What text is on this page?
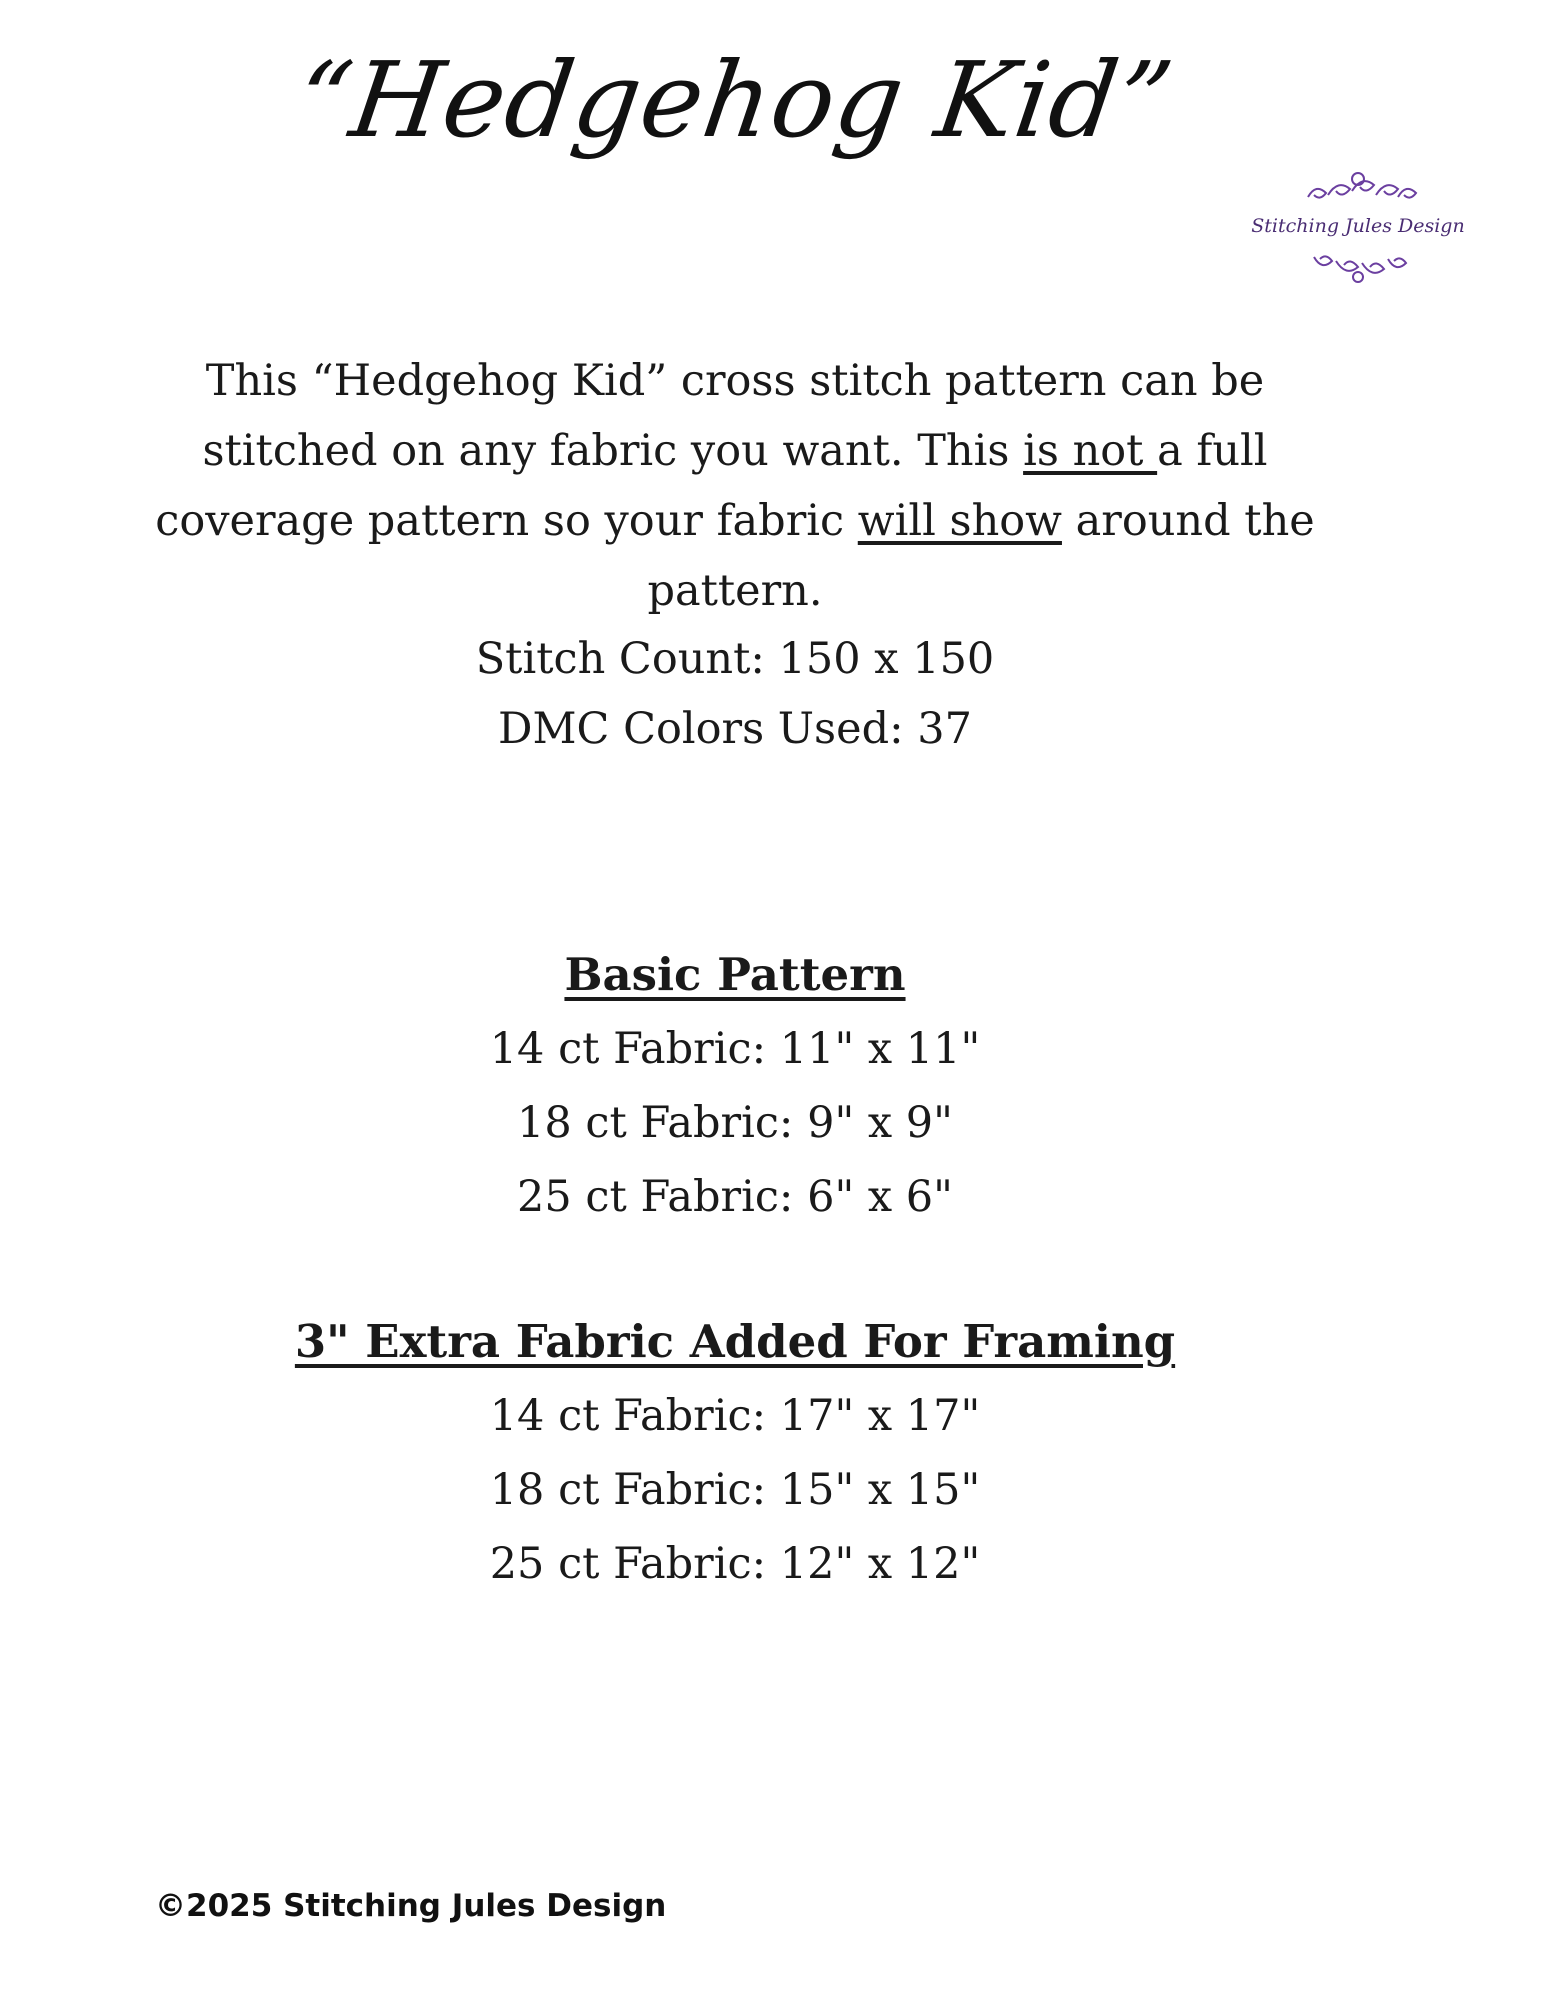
“Hedgehog Kid”
Stitching Jules Design
This “Hedgehog Kid” cross stitch pattern can be stitched on any fabric you want. This is not a full coverage pattern so your fabric will show around the pattern.
Stitch Count: 150 x 150
DMC Colors Used: 37
Basic Pattern
14 ct Fabric: 11" x 11"
18 ct Fabric: 9" x 9"
25 ct Fabric: 6" x 6"
3" Extra Fabric Added For Framing
14 ct Fabric: 17" x 17"
18 ct Fabric: 15" x 15"
25 ct Fabric: 12" x 12"
©2025 Stitching Jules Design
